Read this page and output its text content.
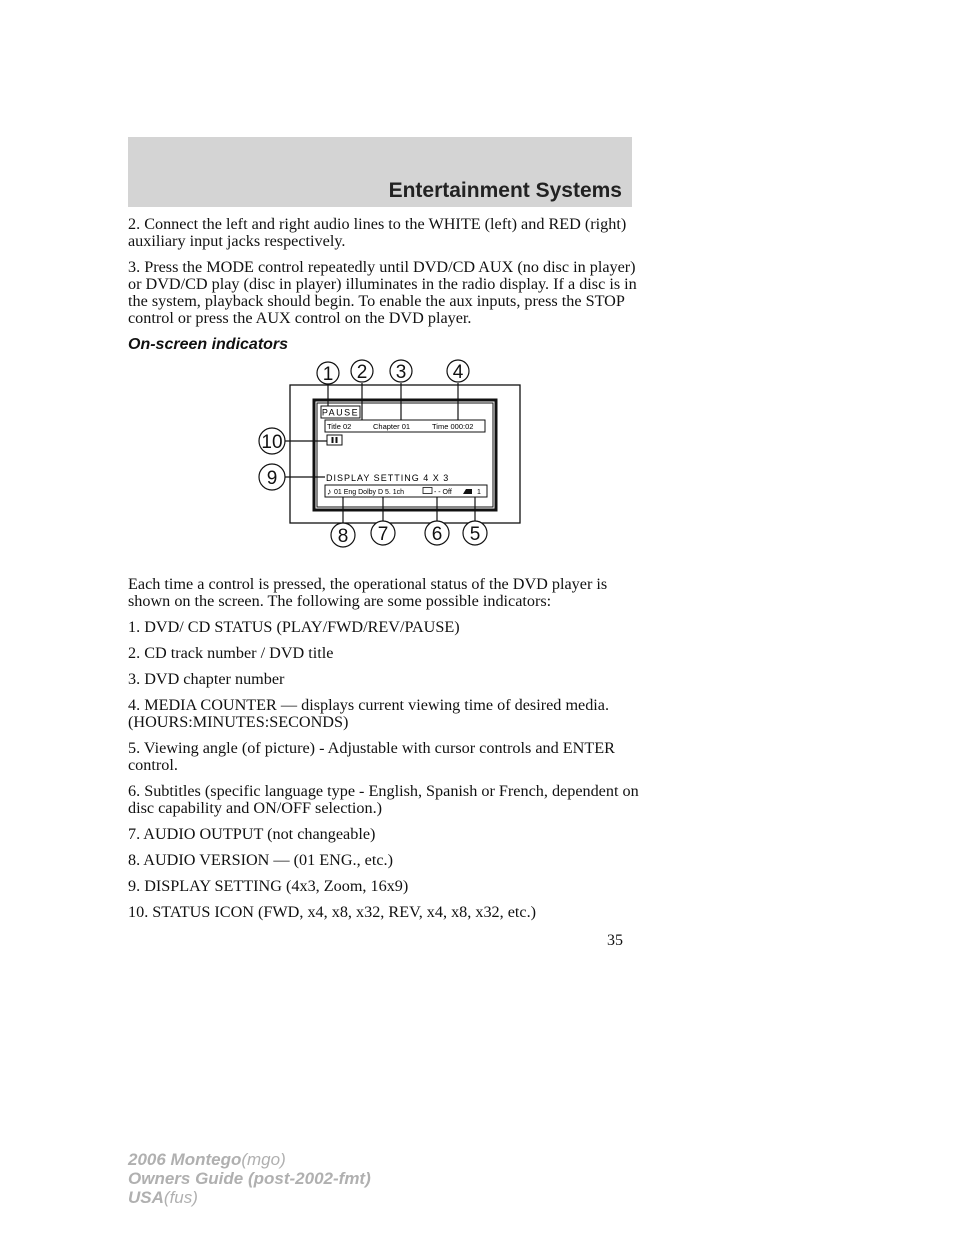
Entertainment Systems

2. Connect the left and right audio lines to the WHITE (left) and RED (right) auxiliary input jacks respectively.

3. Press the MODE control repeatedly until DVD/CD AUX (no disc in player) or DVD/CD play (disc in player) illuminates in the radio display. If a disc is in the system, playback should begin. To enable the aux inputs, press the STOP control or press the AUX control on the DVD player.

On-screen indicators

PAUSE
Title 02	Chapter 01	Time 000:02
DISPLAY SETTING 4 X 3
♪ 01 Eng Dolby D 5. 1ch	- - Off	1
1 2 3 4
5
6
7
8
9
10

Each time a control is pressed, the operational status of the DVD player is shown on the screen. The following are some possible indicators:

1. DVD/ CD STATUS (PLAY/FWD/REV/PAUSE)

2. CD track number / DVD title

3. DVD chapter number

4. MEDIA COUNTER — displays current viewing time of desired media. (HOURS:MINUTES:SECONDS)

5. Viewing angle (of picture) - Adjustable with cursor controls and ENTER control.

6. Subtitles (specific language type - English, Spanish or French, dependent on disc capability and ON/OFF selection.)

7. AUDIO OUTPUT (not changeable)

8. AUDIO VERSION — (01 ENG., etc.)

9. DISPLAY SETTING (4x3, Zoom, 16x9)

10. STATUS ICON (FWD, x4, x8, x32, REV, x4, x8, x32, etc.)

35
2006 Montego(mgo)
Owners Guide (post-2002-fmt)
USA(fus)
